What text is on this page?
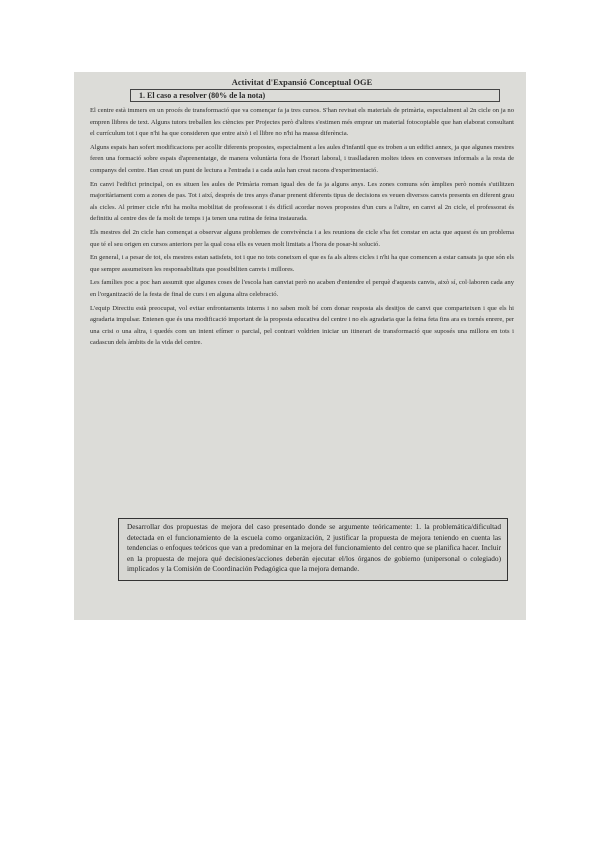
Activitat d'Expansió Conceptual OGE
1. El caso a resolver (80% de la nota)

El centre està immers en un procés de transformació que va començar fa ja tres cursos. S'han revisat els materials de primària, especialment al 2n cicle on ja no empren llibres de text. Alguns tutors treballen les ciències per Projectes però d'altres s'estimen més emprar un material fotocopiable que han elaborat consultant el currículum tot i que n'hi ha que consideren que entre això i el llibre no n'hi ha massa diferència.

Alguns espais han sofert modificacions per acollir diferents propostes, especialment a les aules d'infantil que es troben a un edifici annex, ja que algunes mestres feren una formació sobre espais d'aprenentatge, de manera voluntària fora de l'horari laboral, i traslladaren moltes idees en converses informals a la resta de companys del centre. Han creat un punt de lectura a l'entrada i a cada aula han creat racons d'experimentació.

En canvi l'edifici principal, on es situen les aules de Primària roman igual des de fa ja alguns anys. Les zones comuns són àmplies però només s'utilitzen majoritàriament com a zones de pas. Tot i així, després de tres anys d'anar prenent diferents tipus de decisions es veuen diversos canvis presents en diferent grau als cicles. Al primer cicle n'hi ha molta mobilitat de professorat i és difícil acordar noves propostes d'un curs a l'altre, en canvi al 2n cicle, el professorat és definitiu al centre des de fa molt de temps i ja tenen una rutina de feina instaurada.

Els mestres del 2n cicle han començat a observar alguns problemes de convivència i a les reunions de cicle s'ha fet constar en acta que aquest és un problema que té el seu origen en cursos anteriors per la qual cosa ells es veuen molt limitats a l'hora de posar-hi solució.

En general, i a pesar de tot, els mestres estan satisfets, tot i que no tots coneixen el que es fa als altres cicles i n'hi ha que comencen a estar cansats ja que són els que sempre assumeixen les responsabilitats que possibiliten canvis i millores.

Les famílies poc a poc han assumit que algunes coses de l'escola han canviat però no acaben d'entendre el perquè d'aquests canvis, això sí, col·laboren cada any en l'organització de la festa de final de curs i en alguna altra celebració.

L'equip Directiu està preocupat, vol evitar enfrontaments interns i no saben molt bé com donar resposta als desitjos de canvi que comparteixen i que els hi agradaria impulsar. Entenen que és una modificació important de la proposta educativa del centre i no els agradaria que la feina feta fins ara es tornés enrere, per una crisi o una altra, i quedés com un intent efímer o parcial, pel contrari voldrien iniciar un itinerari de transformació que suposés una millora en tots i cadascun dels àmbits de la vida del centre.

Desarrollar dos propuestas de mejora del caso presentado donde se argumente teóricamente: 1. la problemática/dificultad detectada en el funcionamiento de la escuela como organización, 2 justificar la propuesta de mejora teniendo en cuenta las tendencias o enfoques teóricos que van a predominar en la mejora del funcionamiento del centro que se planifica hacer. Incluir en la propuesta de mejora qué decisiones/acciones deberán ejecutar el/los órganos de gobierno (unipersonal o colegiado) implicados y la Comisión de Coordinación Pedagógica que la mejora demande.
